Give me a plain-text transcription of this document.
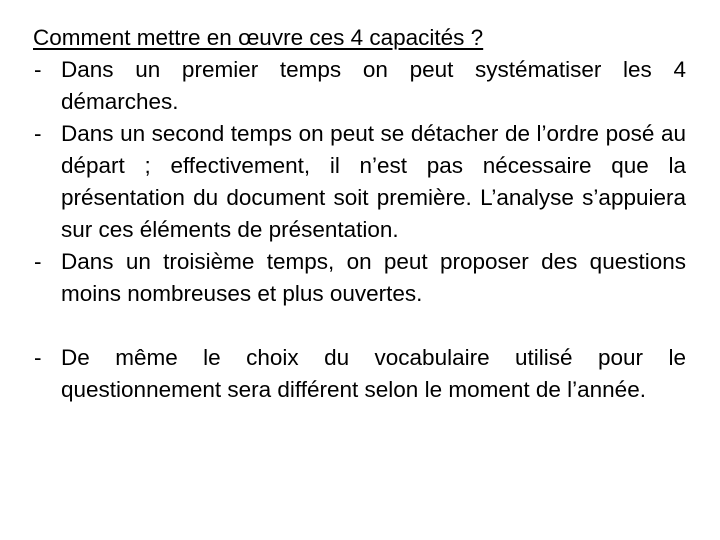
Comment mettre en œuvre ces 4 capacités ?
- Dans un premier temps on peut systématiser les 4 démarches.
- Dans un second temps on peut se détacher de l’ordre posé au départ ; effectivement, il n’est pas nécessaire que la présentation du document soit première. L’analyse s’appuiera sur ces éléments de présentation.
- Dans un troisième temps, on peut proposer des questions moins nombreuses et plus ouvertes.
- De même le choix du vocabulaire utilisé pour le questionnement sera différent selon le moment de l’année.
